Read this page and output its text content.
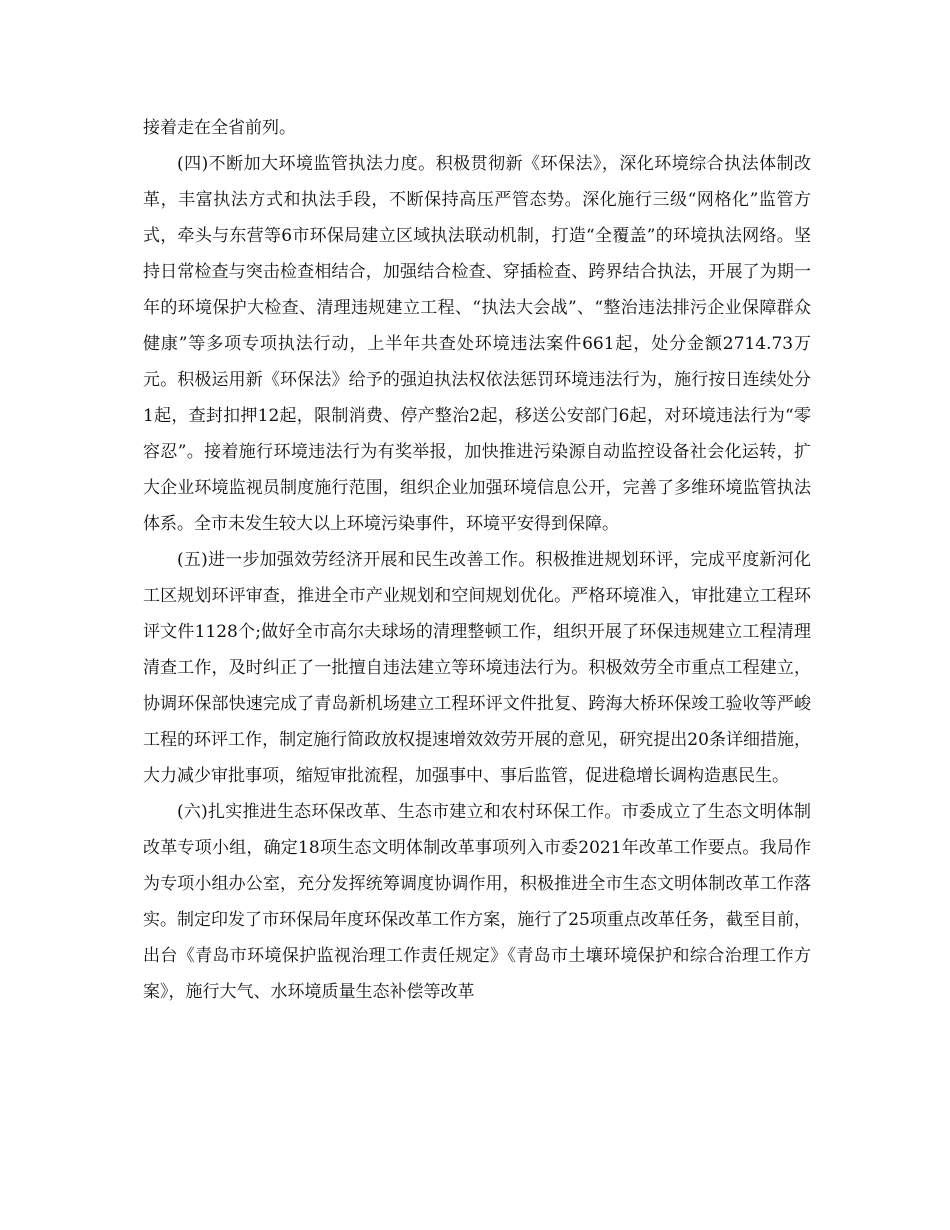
接着走在全省前列。

(四)不断加大环境监管执法力度。积极贯彻新《环保法》，深化环境综合执法体制改革，丰富执法方式和执法手段，不断保持高压严管态势。深化施行三级“网格化”监管方式，牵头与东营等6市环保局建立区域执法联动机制，打造“全覆盖”的环境执法网络。坚持日常检查与突击检查相结合，加强结合检查、穿插检查、跨界结合执法，开展了为期一年的环境保护大检查、清理违规建立工程、“执法大会战”、“整治违法排污企业保障群众健康”等多项专项执法行动，上半年共查处环境违法案件661起，处分金额2714.73万元。积极运用新《环保法》给予的强迫执法权依法惩罚环境违法行为，施行按日连续处分1起，查封扣押12起，限制消费、停产整治2起，移送公安部门6起，对环境违法行为“零容忍”。接着施行环境违法行为有奖举报，加快推进污染源自动监控设备社会化运转，扩大企业环境监视员制度施行范围，组织企业加强环境信息公开，完善了多维环境监管执法体系。全市未发生较大以上环境污染事件，环境平安得到保障。

(五)进一步加强效劳经济开展和民生改善工作。积极推进规划环评，完成平度新河化工区规划环评审查，推进全市产业规划和空间规划优化。严格环境准入，审批建立工程环评文件1128个;做好全市高尔夫球场的清理整顿工作，组织开展了环保违规建立工程清理清查工作，及时纠正了一批擅自违法建立等环境违法行为。积极效劳全市重点工程建立，协调环保部快速完成了青岛新机场建立工程环评文件批复、跨海大桥环保竣工验收等严峻工程的环评工作，制定施行简政放权提速增效效劳开展的意见，研究提出20条详细措施，大力减少审批事项，缩短审批流程，加强事中、事后监管，促进稳增长调构造惠民生。

(六)扎实推进生态环保改革、生态市建立和农村环保工作。市委成立了生态文明体制改革专项小组，确定18项生态文明体制改革事项列入市委2021年改革工作要点。我局作为专项小组办公室，充分发挥统筹调度协调作用，积极推进全市生态文明体制改革工作落实。制定印发了市环保局年度环保改革工作方案，施行了25项重点改革任务，截至目前，出台《青岛市环境保护监视治理工作责任规定》《青岛市土壤环境保护和综合治理工作方案》，施行大气、水环境质量生态补偿等改革
